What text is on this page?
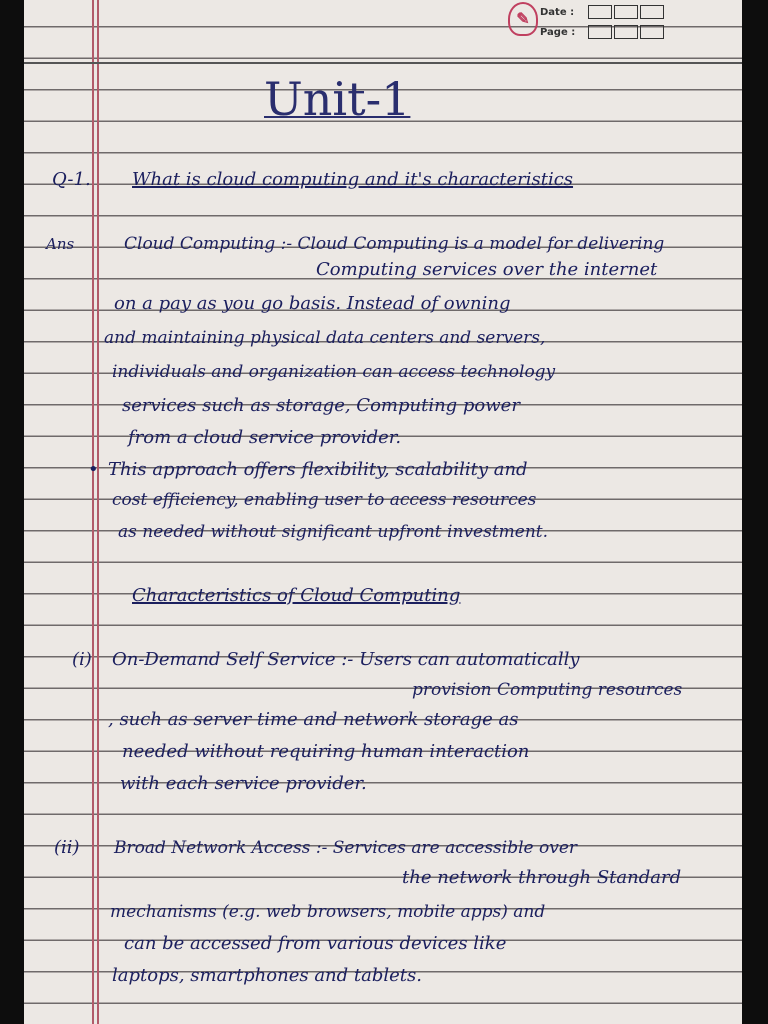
✎	Date :
Page :
Unit-1
Q-1. What is cloud computing and it's characteristics
Ans	Cloud Computing :- Cloud Computing is a model for delivering
Computing services over the internet
on a pay as you go basis. Instead of owning
and maintaining physical data centers and servers,
individuals and organization can access technology
services such as storage, Computing power
from a cloud service provider.
• This approach offers flexibility, scalability and
cost efficiency, enabling user to access resources
as needed without significant upfront investment.
Characteristics of Cloud Computing
(i) On-Demand Self Service :- Users can automatically
provision Computing resources
, such as server time and network storage as
needed without requiring human interaction
with each service provider.
(ii) Broad Network Access :- Services are accessible over
the network through Standard
mechanisms (e.g. web browsers, mobile apps) and
can be accessed from various devices like
laptops, smartphones and tablets.
